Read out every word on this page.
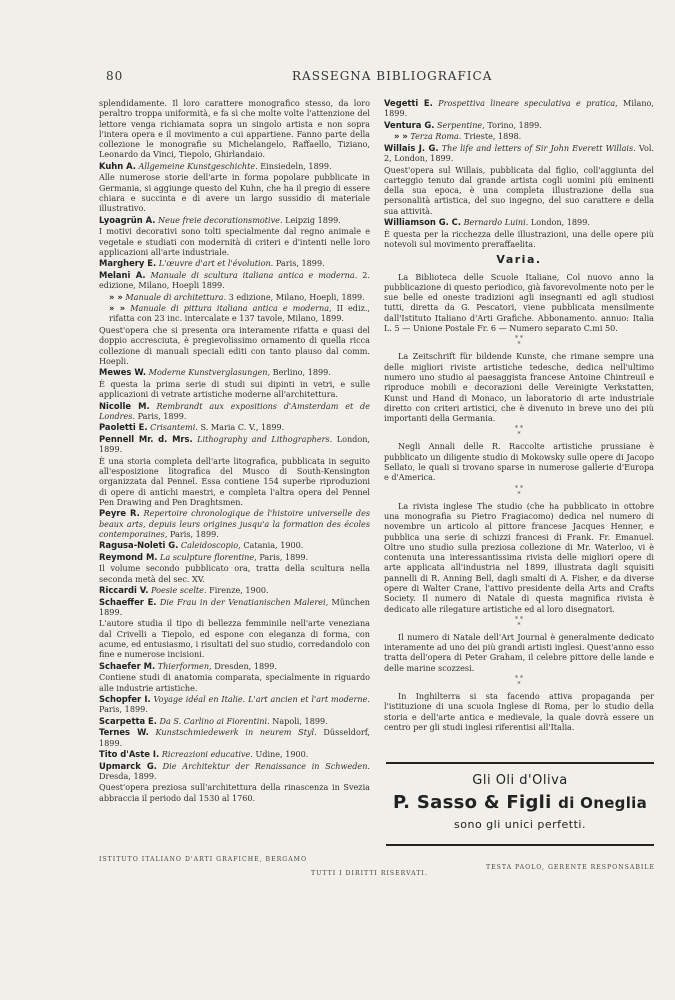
80	RASSEGNA BIBLIOGRAFICA
splendidamente. Il loro carattere monografico stesso, da loro peraltro troppa uniformità, e fa sì che molte volte l'attenzione del lettore venga richiamata sopra un singolo artista e non sopra l'intera opera e il movimento a cui appartiene. Fanno parte della collezione le monografie su Michelangelo, Raffaello, Tiziano, Leonardo da Vinci, Tiepolo, Ghirlandaio.
Kuhn A. Allgemeine Kunstgeschichte. Einsiedeln, 1899.
Alle numerose storie dell'arte in forma popolare pubblicate in Germania, si aggiunge questo del Kuhn, che ha il pregio di essere chiara e succinta e di avere un largo sussidio di materiale illustrativo.
Lyoagrün A. Neue freie decorationsmotive. Leipzig 1899.
I motivi decorativi sono tolti specialmente dal regno animale e vegetale e studiati con modernità di criteri e d'intenti nelle loro applicazioni all'arte industriale.
Marghery E. L'œuvre d'art et l'évolution. Paris, 1899.
Melani A. Manuale di scultura italiana antica e moderna. 2. edizione, Milano, Hoepli 1899.
» » Manuale di architettura. 3 edizione, Milano, Hoepli, 1899.
» » Manuale di pittura italiana antica e moderna, II ediz., rifatta con 23 inc. intercalate e 137 tavole, Milano, 1899.
Quest'opera che si presenta ora interamente rifatta e quasi del doppio accresciuta, è pregievolissimo ornamento di quella ricca collezione di manuali speciali editi con tanto plauso dal comm. Hoepli.
Mewes W. Moderne Kunstverglasungen, Berlino, 1899.
È questa la prima serie di studi sui dipinti in vetri, e sulle applicazioni di vetrate artistiche moderne all'architettura.
Nicolle M. Rembrandt aux expositions d'Amsterdam et de Londres. Paris, 1899.
Paoletti E. Crisantemi. S. Maria C. V., 1899.
Pennell Mr. d. Mrs. Lithography and Lithographers. London, 1899.
È una storia completa dell'arte litografica, pubblicata in seguito all'esposizione litografica del Musco di South-Kensington organizzata dal Pennel. Essa contiene 154 superbe riproduzioni di opere di antichi maestri, e completa l'altra opera del Pennel Pen Drawing and Pen Draghtsmen.
Peyre R. Repertoire chronologique de l'histoire universelle des beaux arts, depuis leurs origines jusqu'a la formation des écoles contemporaines, Paris, 1899.
Ragusa-Noleti G. Caleidoscopio, Catania, 1900.
Reymond M. La sculpture florentine, Paris, 1899.
Il volume secondo pubblicato ora, tratta della scultura nella seconda metà del sec. XV.
Riccardi V. Poesie scelte. Firenze, 1900.
Schaeffer E. Die Frau in der Venatianischen Malerei, München 1899.
L'autore studia il tipo di bellezza femminile nell'arte veneziana dal Crivelli a Tiepolo, ed espone con eleganza di forma, con acume, ed entusiasmo, i risultati del suo studio, corredandolo con fine e numerose incisioni.
Schaefer M. Thierformen, Dresden, 1899.
Contiene studi di anatomia comparata, specialmente in riguardo alle industrie artistiche.
Schopfer I. Voyage idéal en Italie. L'art ancien et l'art moderne. Paris, 1899.
Scarpetta E. Da S. Carlino ai Fiorentini. Napoli, 1899.
Ternes W. Kunstschmiedewerk in neurem Styl. Düsseldorf, 1899.
Tito d'Aste I. Ricreazioni educative. Udine, 1900.
Upmarck G. Die Architektur der Renaissance in Schweden. Dresda, 1899.
Quest'opera preziosa sull'architettura della rinascenza in Svezia abbraccia il periodo dal 1530 al 1760.
Vegetti E. Prospettiva lineare speculativa e pratica, Milano, 1899.
Ventura G. Serpentine, Torino, 1899.
» » Terza Roma. Trieste, 1898.
Willais J. G. The life and letters of Sir John Everett Willais. Vol. 2, London, 1899.
Quest'opera sul Willais, pubblicata dal figlio, coll'aggiunta del carteggio tenuto dal grande artista cogli uomini più eminenti della sua epoca, è una completa illustrazione della sua personalità artistica, del suo ingegno, del suo carattere e della sua attività.
Williamson G. C. Bernardo Luini. London, 1899.
È questa per la ricchezza delle illustrazioni, una delle opere più notevoli sul movimento preraffaelita.
Varia.
La Biblioteca delle Scuole Italiane, Col nuovo anno la pubblicazione di questo periodico, già favorevolmente noto per le sue belle ed oneste tradizioni agli insegnanti ed agli studiosi tutti, diretta da G. Pescatori, viene pubblicata mensilmente dall'Istituto Italiano d'Arti Grafiche. Abbonamento. annuo: Italia L. 5 — Unione Postale Fr. 6 — Numero separato C.mi 50.
* *
*
La Zeitschrift für bildende Kunste, che rimane sempre una delle migliori riviste artistiche tedesche, dedica nell'ultimo numero uno studio al paesaggista francese Antoine Chintreuil e riproduce mobili e decorazioni delle Vereinigte Verkstatten, Kunst und Hand di Monaco, un laboratorio di arte industriale diretto con criteri artistici, che è divenuto in breve uno dei più importanti della Germania.
* *
*
Negli Annali delle R. Raccolte artistiche prussiane è pubblicato un diligente studio di Mokowsky sulle opere di Jacopo Sellato, le quali si trovano sparse in numerose gallerie d'Europa e d'America.
* *
*
La rivista inglese The studio (che ha pubblicato in ottobre una monografia su Pietro Fragiacomo) dedica nel numero di novembre un articolo al pittore francese Jacques Henner, e pubblica una serie di schizzi francesi di Frank. Fr. Emanuel. Oltre uno studio sulla preziosa collezione di Mr. Waterloo, vi è contenuta una interessantissima rivista delle migliori opere di arte applicata all'industria nel 1899, illustrata dagli squisiti pannelli di R. Anning Bell, dagli smalti di A. Fisher, e da diverse opere di Walter Crane, l'attivo presidente della Arts and Crafts Society. Il numero di Natale di questa magnifica rivista è dedicato alle rilegature artistiche ed al loro disegnatori.
* *
*
Il numero di Natale dell'Art Journal è generalmente dedicato interamente ad uno dei più grandi artisti inglesi. Quest'anno esso tratta dell'opera di Peter Graham, il celebre pittore delle lande e delle marine scozzesi.
* *
*
In Inghilterra si sta facendo attiva propaganda per l'istituzione di una scuola Inglese di Roma, per lo studio della storia e dell'arte antica e medievale, la quale dovrà essere un centro per gli studi inglesi riferentisi all'Italia.
Gli Oli d'Oliva
P. Sasso & Figli di Oneglia
sono gli unici perfetti.
ISTITUTO ITALIANO D'ARTI GRAFICHE, BERGAMO
TESTA PAOLO, GERENTE RESPONSABILE
TUTTI I DIRITTI RISERVATI.
